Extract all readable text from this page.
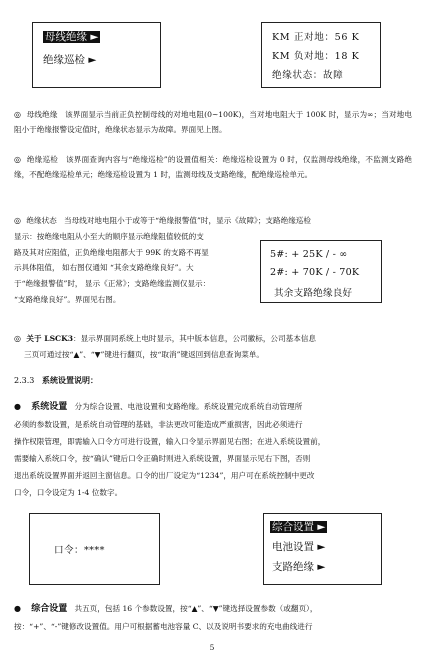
母线绝缘 ►
绝缘巡检 ►
KM 正对地：56 K
KM 负对地：18 K
绝缘状态：故障
◎ 母线绝缘 该界面显示当前正负控制母线的对地电阻(0~100K)，当对地电阻大于 100K 时，显示为∞；当对地电阻小于绝缘报警设定值时，绝缘状态显示为故障。界面见上图。
◎ 绝缘巡检 该界面查询内容与“绝缘巡检”的设置值相关：绝缘巡检设置为 0 时，仅监测母线绝缘，不监测支路绝缘，不配绝缘巡检单元；绝缘巡检设置为 1 时，监测母线及支路绝缘，配绝缘巡检单元。
◎ 绝缘状态 当母线对地电阻小于或等于“绝缘报警值”时，显示《故障》；支路绝缘巡检
显示：按绝缘电阻从小至大的顺序显示绝缘阻值较低的支
路及其对应阻值，正负绝缘电阻都大于 99K 的支路不再显
示具体阻值， 如右图仅通知 “其余支路绝缘良好”。大
于“绝缘报警值”时， 显示《正常》；支路绝缘监测仅显示：
“支路绝缘良好”。界面见右图。
5#: + 25K / - ∞
2#: + 70K / - 70K
其余支路绝缘良好
◎ 关于 LSCK3：显示界面同系统上电时显示，其中版本信息，公司徽标，公司基本信息
三页可通过按“▲”、“▼”键进行翻页，按“取消”键返回到信息查询菜单。
2.3.3 系统设置说明：
● 系统设置 分为综合设置、电池设置和支路绝缘。系统设置完成系统自动管理所
必须的参数设置，是系统自动管理的基础，非法更改可能造成严重损害，因此必须进行
操作权限管理，即需输入口令方可进行设置，输入口令显示界面见右图；在进入系统设置前，
需要输入系统口令，按“确认”键后口令正确时则进入系统设置，界面显示见右下图，否则
退出系统设置界面并返回主窗信息。口令的出厂设定为“1234”，用户可在系统控制中更改
口令，口令设定为 1-4 位数字。
口令：****
综合设置 ►
电池设置 ►
支路绝缘 ►
● 综合设置 共五页，包括 16 个参数设置，按“▲”、“▼”键选择设置参数（或翻页），
按：“+”、“-”键修改设置值。用户可根据蓄电池容量 C、以及说明书要求的充电曲线进行
5
